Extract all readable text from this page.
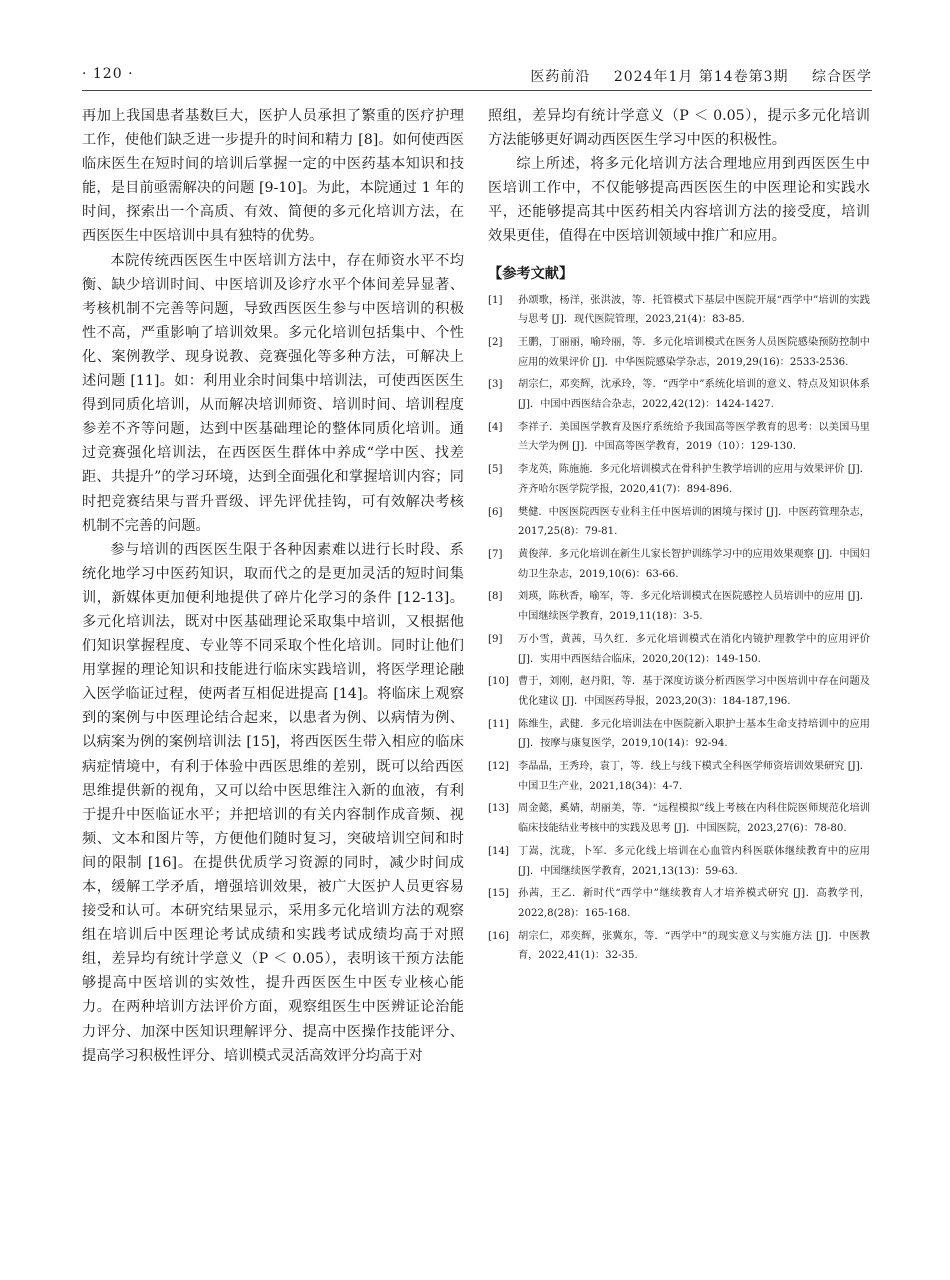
· 120 ·	医药前沿 2024年1月 第14卷第3期 综合医学

再加上我国患者基数巨大，医护人员承担了繁重的医疗护理工作，使他们缺乏进一步提升的时间和精力 [8]。如何使西医临床医生在短时间的培训后掌握一定的中医药基本知识和技能，是目前亟需解决的问题 [9-10]。为此，本院通过 1 年的时间，探索出一个高质、有效、简便的多元化培训方法，在西医医生中医培训中具有独特的优势。

本院传统西医医生中医培训方法中，存在师资水平不均衡、缺少培训时间、中医培训及诊疗水平个体间差异显著、考核机制不完善等问题，导致西医医生参与中医培训的积极性不高，严重影响了培训效果。多元化培训包括集中、个性化、案例教学、现身说教、竞赛强化等多种方法，可解决上述问题 [11]。如：利用业余时间集中培训法，可使西医医生得到同质化培训，从而解决培训师资、培训时间、培训程度参差不齐等问题，达到中医基础理论的整体同质化培训。通过竞赛强化培训法，在西医医生群体中养成“学中医、找差距、共提升”的学习环境，达到全面强化和掌握培训内容；同时把竞赛结果与晋升晋级、评先评优挂钩，可有效解决考核机制不完善的问题。

参与培训的西医医生限于各种因素难以进行长时段、系统化地学习中医药知识，取而代之的是更加灵活的短时间集训，新媒体更加便利地提供了碎片化学习的条件 [12-13]。多元化培训法，既对中医基础理论采取集中培训，又根据他们知识掌握程度、专业等不同采取个性化培训。同时让他们用掌握的理论知识和技能进行临床实践培训，将医学理论融入医学临证过程，使两者互相促进提高 [14]。将临床上观察到的案例与中医理论结合起来，以患者为例、以病情为例、以病案为例的案例培训法 [15]，将西医医生带入相应的临床病症情境中，有利于体验中西医思维的差别，既可以给西医思维提供新的视角，又可以给中医思维注入新的血液，有利于提升中医临证水平；并把培训的有关内容制作成音频、视频、文本和图片等，方便他们随时复习，突破培训空间和时间的限制 [16]。在提供优质学习资源的同时，减少时间成本，缓解工学矛盾，增强培训效果，被广大医护人员更容易接受和认可。本研究结果显示，采用多元化培训方法的观察组在培训后中医理论考试成绩和实践考试成绩均高于对照组，差异均有统计学意义（P ＜ 0.05），表明该干预方法能够提高中医培训的实效性，提升西医医生中医专业核心能力。在两种培训方法评价方面，观察组医生中医辨证论治能力评分、加深中医知识理解评分、提高中医操作技能评分、提高学习积极性评分、培训模式灵活高效评分均高于对

照组，差异均有统计学意义（P ＜ 0.05），提示多元化培训方法能够更好调动西医医生学习中医的积极性。

综上所述，将多元化培训方法合理地应用到西医医生中医培训工作中，不仅能够提高西医医生的中医理论和实践水平，还能够提高其中医药相关内容培训方法的接受度，培训效果更佳，值得在中医培训领域中推广和应用。

【参考文献】
[1]	孙颂歌，杨洋，张洪波，等．托管模式下基层中医院开展“西学中”培训的实践与思考 [J]．现代医院管理，2023,21(4)：83-85.
[2]	王鹏，丁丽丽，喻玲丽，等．多元化培训模式在医务人员医院感染预防控制中应用的效果评价 [J]．中华医院感染学杂志，2019,29(16)：2533-2536.
[3]	胡宗仁，邓奕辉，沈承玲，等．“西学中”系统化培训的意义、特点及知识体系 [J]．中国中西医结合杂志，2022,42(12)：1424-1427.
[4]	李祥子．美国医学教育及医疗系统给予我国高等医学教育的思考：以美国马里兰大学为例 [J]．中国高等医学教育，2019（10）：129-130.
[5]	李龙英，陈施施．多元化培训模式在骨科护生教学培训的应用与效果评价 [J]．齐齐哈尔医学院学报，2020,41(7)：894-896.
[6]	樊健．中医医院西医专业科主任中医培训的困境与探讨 [J]．中医药管理杂志，2017,25(8)：79-81.
[7]	黄俊萍．多元化培训在新生儿家长智护训练学习中的应用效果观察 [J]．中国妇幼卫生杂志，2019,10(6)：63-66.
[8]	刘瑛，陈秋香，喻军，等．多元化培训模式在医院感控人员培训中的应用 [J]．中国继续医学教育，2019,11(18)：3-5.
[9]	万小雪，黄茜，马久红．多元化培训模式在消化内镜护理教学中的应用评价 [J]．实用中西医结合临床，2020,20(12)：149-150.
[10] 曹于，刘刚，赵丹阳，等．基于深度访谈分析西医学习中医培训中存在问题及优化建议 [J]．中国医药导报，2023,20(3)：184-187,196.
[11] 陈维生，武健．多元化培训法在中医院新入职护士基本生命支持培训中的应用 [J]．按摩与康复医学，2019,10(14)：92-94.
[12] 李晶晶，王秀玲，袁丁，等．线上与线下模式全科医学师资培训效果研究 [J]．中国卫生产业，2021,18(34)：4-7.
[13] 周金懿，奚婧，胡丽美，等．“远程模拟”线上考核在内科住院医师规范化培训临床技能结业考核中的实践及思考 [J]．中国医院，2023,27(6)：78-80.
[14] 丁嵩，沈珑，卜军．多元化线上培训在心血管内科医联体继续教育中的应用 [J]．中国继续医学教育，2021,13(13)：59-63.
[15] 孙茜，王乙．新时代“西学中”继续教育人才培养模式研究 [J]．高教学刊，2022,8(28)：165-168.
[16] 胡宗仁，邓奕辉，张冀东，等．“西学中”的现实意义与实施方法 [J]．中医教育，2022,41(1)：32-35.
